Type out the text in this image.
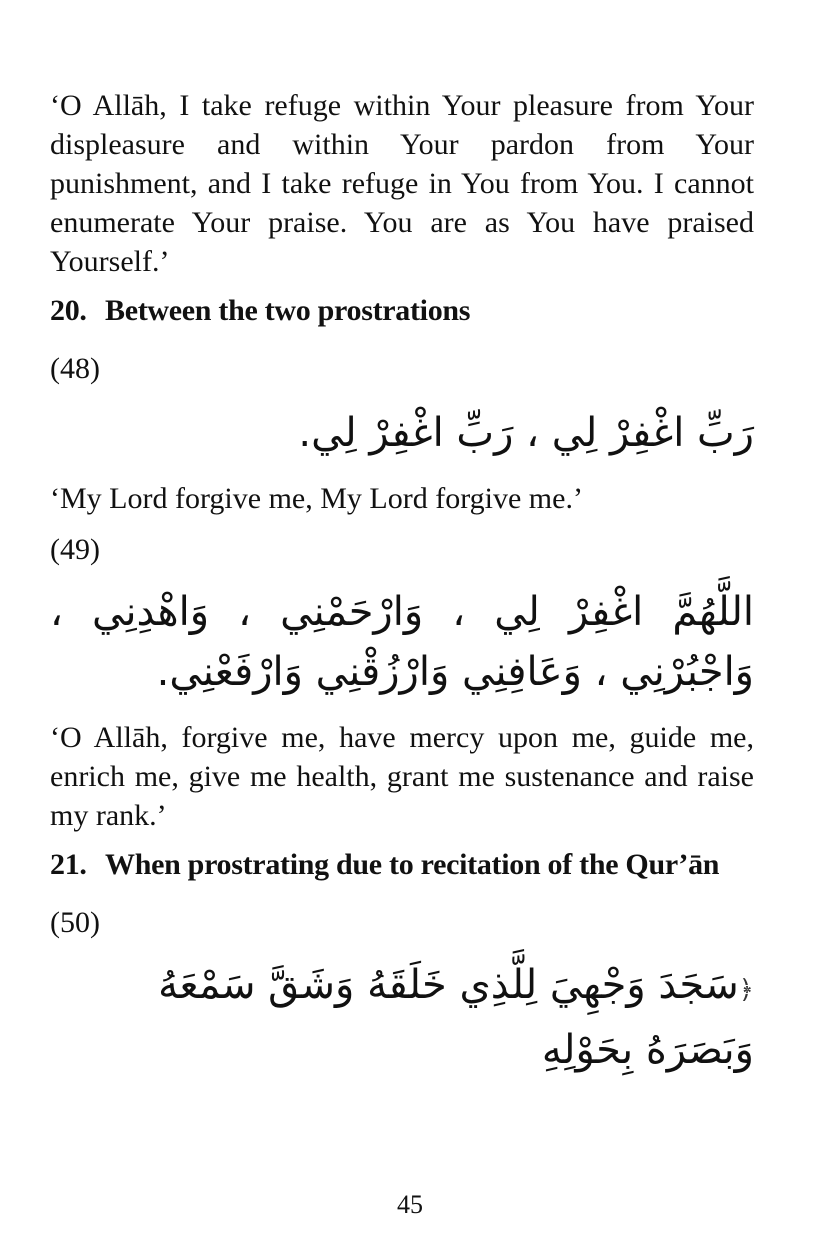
‘O Allāh, I take refuge within Your pleasure from Your displeasure and within Your pardon from Your punishment, and I take refuge in You from You. I cannot enumerate Your praise. You are as You have praised Yourself.’

20. Between the two prostrations

(48)

رَبِّ اغْفِرْ لِي ، رَبِّ اغْفِرْ لِي.

‘My Lord forgive me, My Lord forgive me.’

(49)

اللَّهُمَّ اغْفِرْ لِي ، وَارْحَمْنِي ، وَاهْدِنِي ، وَاجْبُرْنِي ، وَعَافِنِي وَارْزُقْنِي وَارْفَعْنِي.

‘O Allāh, forgive me, have mercy upon me, guide me, enrich me, give me health, grant me sustenance and raise my rank.’

21. When prostrating due to recitation of the Qur’ān

(50)

﴿سَجَدَ وَجْهِيَ لِلَّذِي خَلَقَهُ وَشَقَّ سَمْعَهُ وَبَصَرَهُ بِحَوْلِهِ

45
